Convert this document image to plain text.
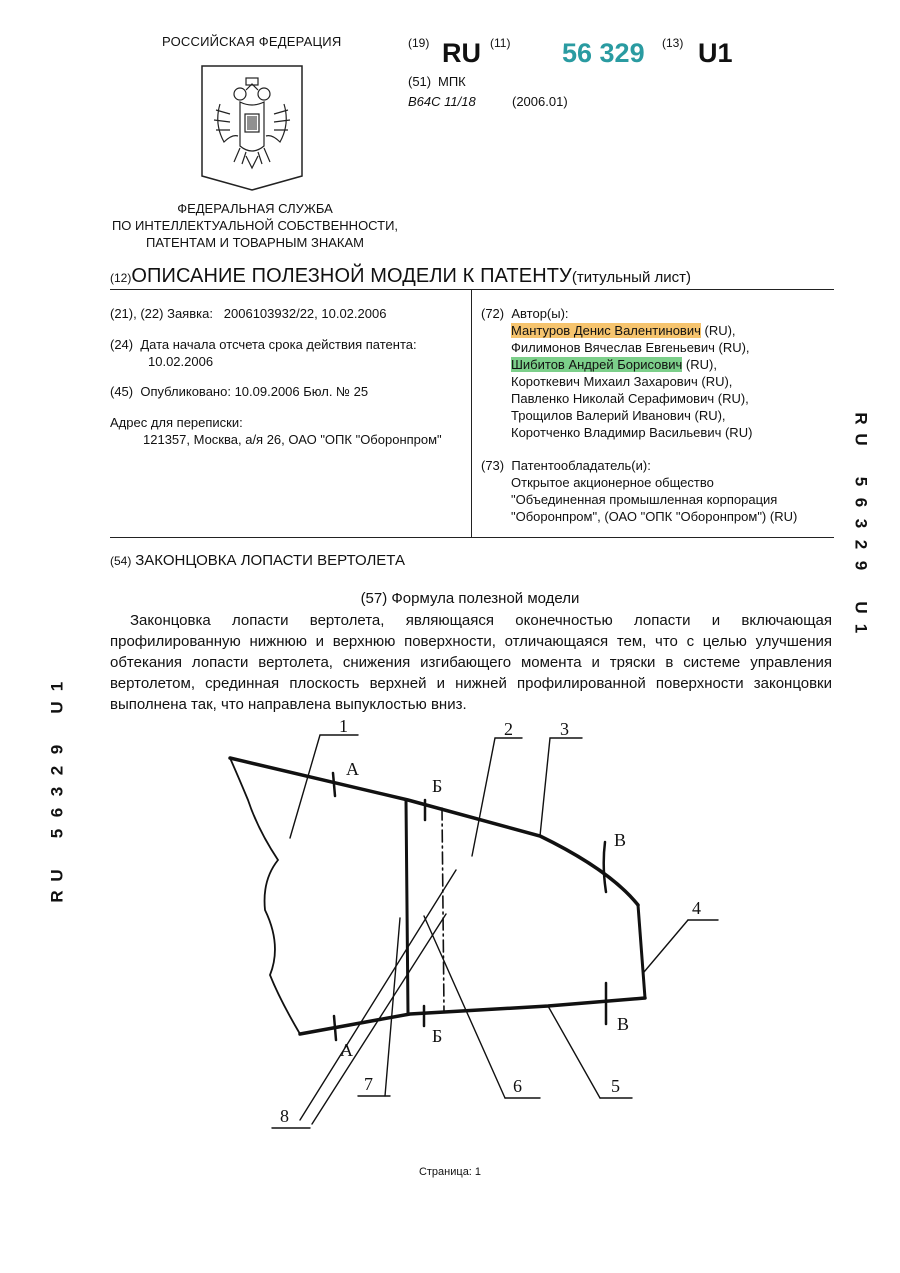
РОССИЙСКАЯ ФЕДЕРАЦИЯ
ФЕДЕРАЛЬНАЯ СЛУЖБА
ПО ИНТЕЛЛЕКТУАЛЬНОЙ СОБСТВЕННОСТИ,
ПАТЕНТАМ И ТОВАРНЫМ ЗНАКАМ
(19) RU (11) 56 329 (13) U1
(51) МПК
B64C 11/18	(2006.01)
(12)ОПИСАНИЕ ПОЛЕЗНОЙ МОДЕЛИ К ПАТЕНТУ(титульный лист)
(21), (22) Заявка: 2006103932/22, 10.02.2006
(24) Дата начала отсчета срока действия патента:
10.02.2006
(45) Опубликовано: 10.09.2006 Бюл. № 25
Адрес для переписки:
121357, Москва, а/я 26, ОАО "ОПК "Оборонпром"
(72) Автор(ы):
Мантуров Денис Валентинович (RU),
Филимонов Вячеслав Евгеньевич (RU),
Шибитов Андрей Борисович (RU),
Короткевич Михаил Захарович (RU),
Павленко Николай Серафимович (RU),
Трощилов Валерий Иванович (RU),
Коротченко Владимир Васильевич (RU)
(73) Патентообладатель(и):
Открытое акционерное общество
"Объединенная промышленная корпорация
"Оборонпром", (ОАО "ОПК "Оборонпром") (RU)
(54) ЗАКОНЦОВКА ЛОПАСТИ ВЕРТОЛЕТА
(57) Формула полезной модели
Законцовка лопасти вертолета, являющаяся оконечностью лопасти и включающая профилированную нижнюю и верхнюю поверхности, отличающаяся тем, что с целью улучшения обтекания лопасти вертолета, снижения изгибающего момента и тряски в системе управления вертолетом, срединная плоскость верхней и нижней профилированной поверхности законцовки выполнена так, что направлена выпуклостью вниз.
R
U
5
6
3
2
9
U
1
R
U
5
6
3
2
9
U
1
1	2	3
4
5
6
7
8
А
А
Б
Б
В
В
Страница: 1
